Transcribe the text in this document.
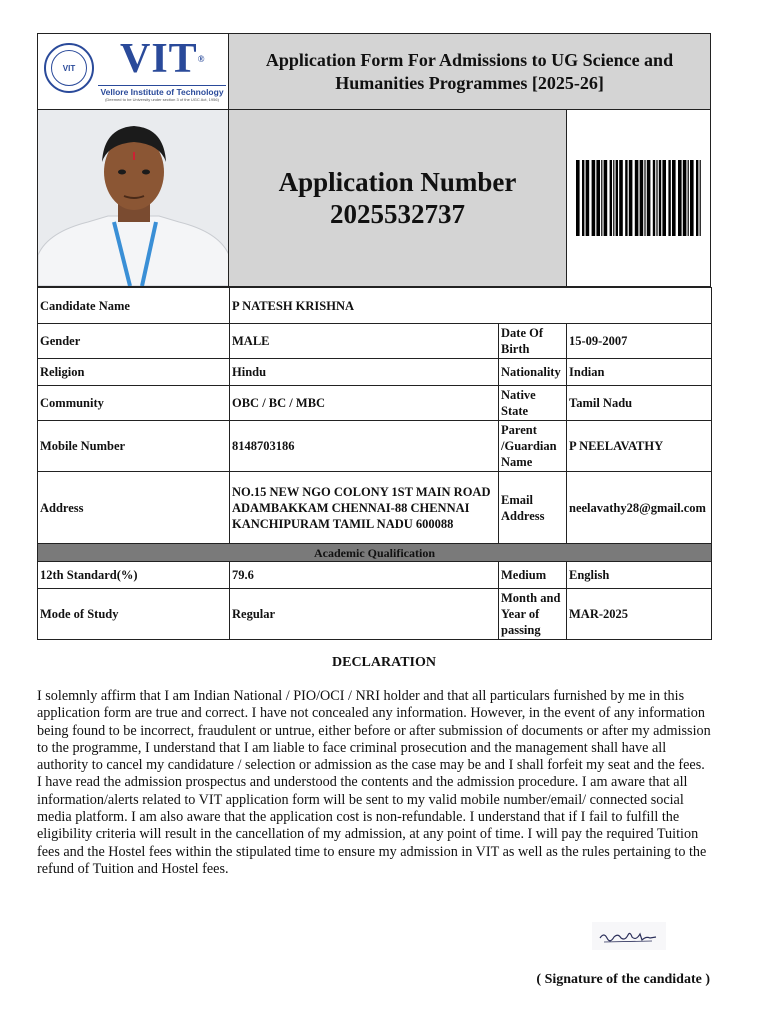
VIT VIT®
Vellore Institute of Technology
(Deemed to be University under section 3 of the UGC Act, 1956)
Application Form For Admissions to UG Science and Humanities Programmes [2025-26]
Application Number
2025532737
Candidate Name	P NATESH KRISHNA		
Gender	MALE	Date Of Birth	15-09-2007
Religion	Hindu	Nationality	Indian
Community	OBC / BC / MBC	Native State	Tamil Nadu
Mobile Number	8148703186	Parent /Guardian Name	P NEELAVATHY
Address	NO.15 NEW NGO COLONY 1ST MAIN ROAD ADAMBAKKAM CHENNAI-88 CHENNAI KANCHIPURAM TAMIL NADU 600088	Email Address	neelavathy28@gmail.com
Academic Qualification			
12th Standard(%)	79.6	Medium	English
Mode of Study	Regular	Month and Year of passing	MAR-2025
DECLARATION
I solemnly affirm that I am Indian National / PIO/OCI / NRI holder and that all particulars furnished by me in this application form are true and correct. I have not concealed any information. However, in the event of any information being found to be incorrect, fraudulent or untrue, either before or after submission of documents or after my admission to the programme, I understand that I am liable to face criminal prosecution and the management shall have all authority to cancel my candidature / selection or admission as the case may be and I shall forfeit my seat and the fees. I have read the admission prospectus and understood the contents and the admission procedure. I am aware that all information/alerts related to VIT application form will be sent to my valid mobile number/email/ connected social media platform. I am also aware that the application cost is non-refundable. I understand that if I fail to fulfill the eligibility criteria will result in the cancellation of my admission, at any point of time. I will pay the required Tuition fees and the Hostel fees within the stipulated time to ensure my admission in VIT as well as the rules pertaining to the refund of Tuition and Hostel fees.
( Signature of the candidate )
